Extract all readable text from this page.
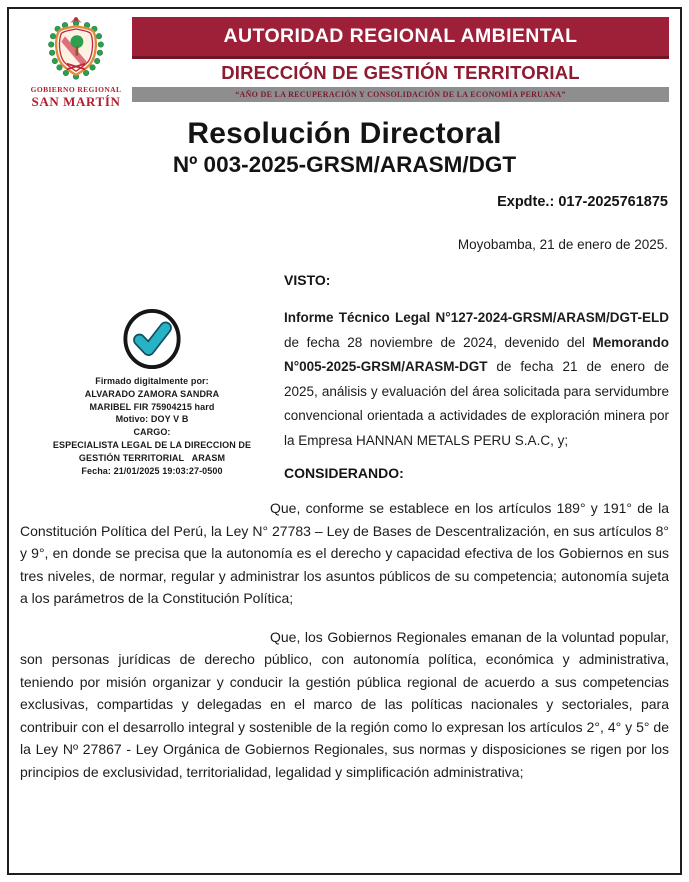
GOBIERNO REGIONAL
SAN MARTÍN
AUTORIDAD REGIONAL AMBIENTAL
DIRECCIÓN DE GESTIÓN TERRITORIAL
“AÑO DE LA RECUPERACIÓN Y CONSOLIDACIÓN DE LA ECONOMÍA PERUANA”
Resolución Directoral
Nº 003-2025-GRSM/ARASM/DGT
Expdte.: 017-2025761875
Moyobamba, 21 de enero de 2025.
Firmado digitalmente por:
ALVARADO ZAMORA SANDRA
MARIBEL FIR 75904215 hard
Motivo: DOY V B
CARGO:
ESPECIALISTA LEGAL DE LA DIRECCION DE
GESTIÓN TERRITORIAL   ARASM
Fecha: 21/01/2025 19:03:27-0500
VISTO:

Informe Técnico Legal N°127-2024-GRSM/ARASM/DGT-ELD de fecha 28 noviembre de 2024, devenido del Memorando N°005-2025-GRSM/ARASM-DGT de fecha 21 de enero de 2025, análisis y evaluación del área solicitada para servidumbre convencional orientada a actividades de exploración minera por la Empresa HANNAN METALS PERU S.A.C, y;

CONSIDERANDO:

Que, conforme se establece en los artículos 189° y 191° de la Constitución Política del Perú, la Ley N° 27783 – Ley de Bases de Descentralización, en sus artículos 8° y 9°, en donde se precisa que la autonomía es el derecho y capacidad efectiva de los Gobiernos en sus tres niveles, de normar, regular y administrar los asuntos públicos de su competencia; autonomía sujeta a los parámetros de la Constitución Política;

Que, los Gobiernos Regionales emanan de la voluntad popular, son personas jurídicas de derecho público, con autonomía política, económica y administrativa, teniendo por misión organizar y conducir la gestión pública regional de acuerdo a sus competencias exclusivas, compartidas y delegadas en el marco de las políticas nacionales y sectoriales, para contribuir con el desarrollo integral y sostenible de la región como lo expresan los artículos 2°, 4° y 5° de la Ley Nº 27867 - Ley Orgánica de Gobiernos Regionales, sus normas y disposiciones se rigen por los principios de exclusividad, territorialidad, legalidad y simplificación administrativa;
